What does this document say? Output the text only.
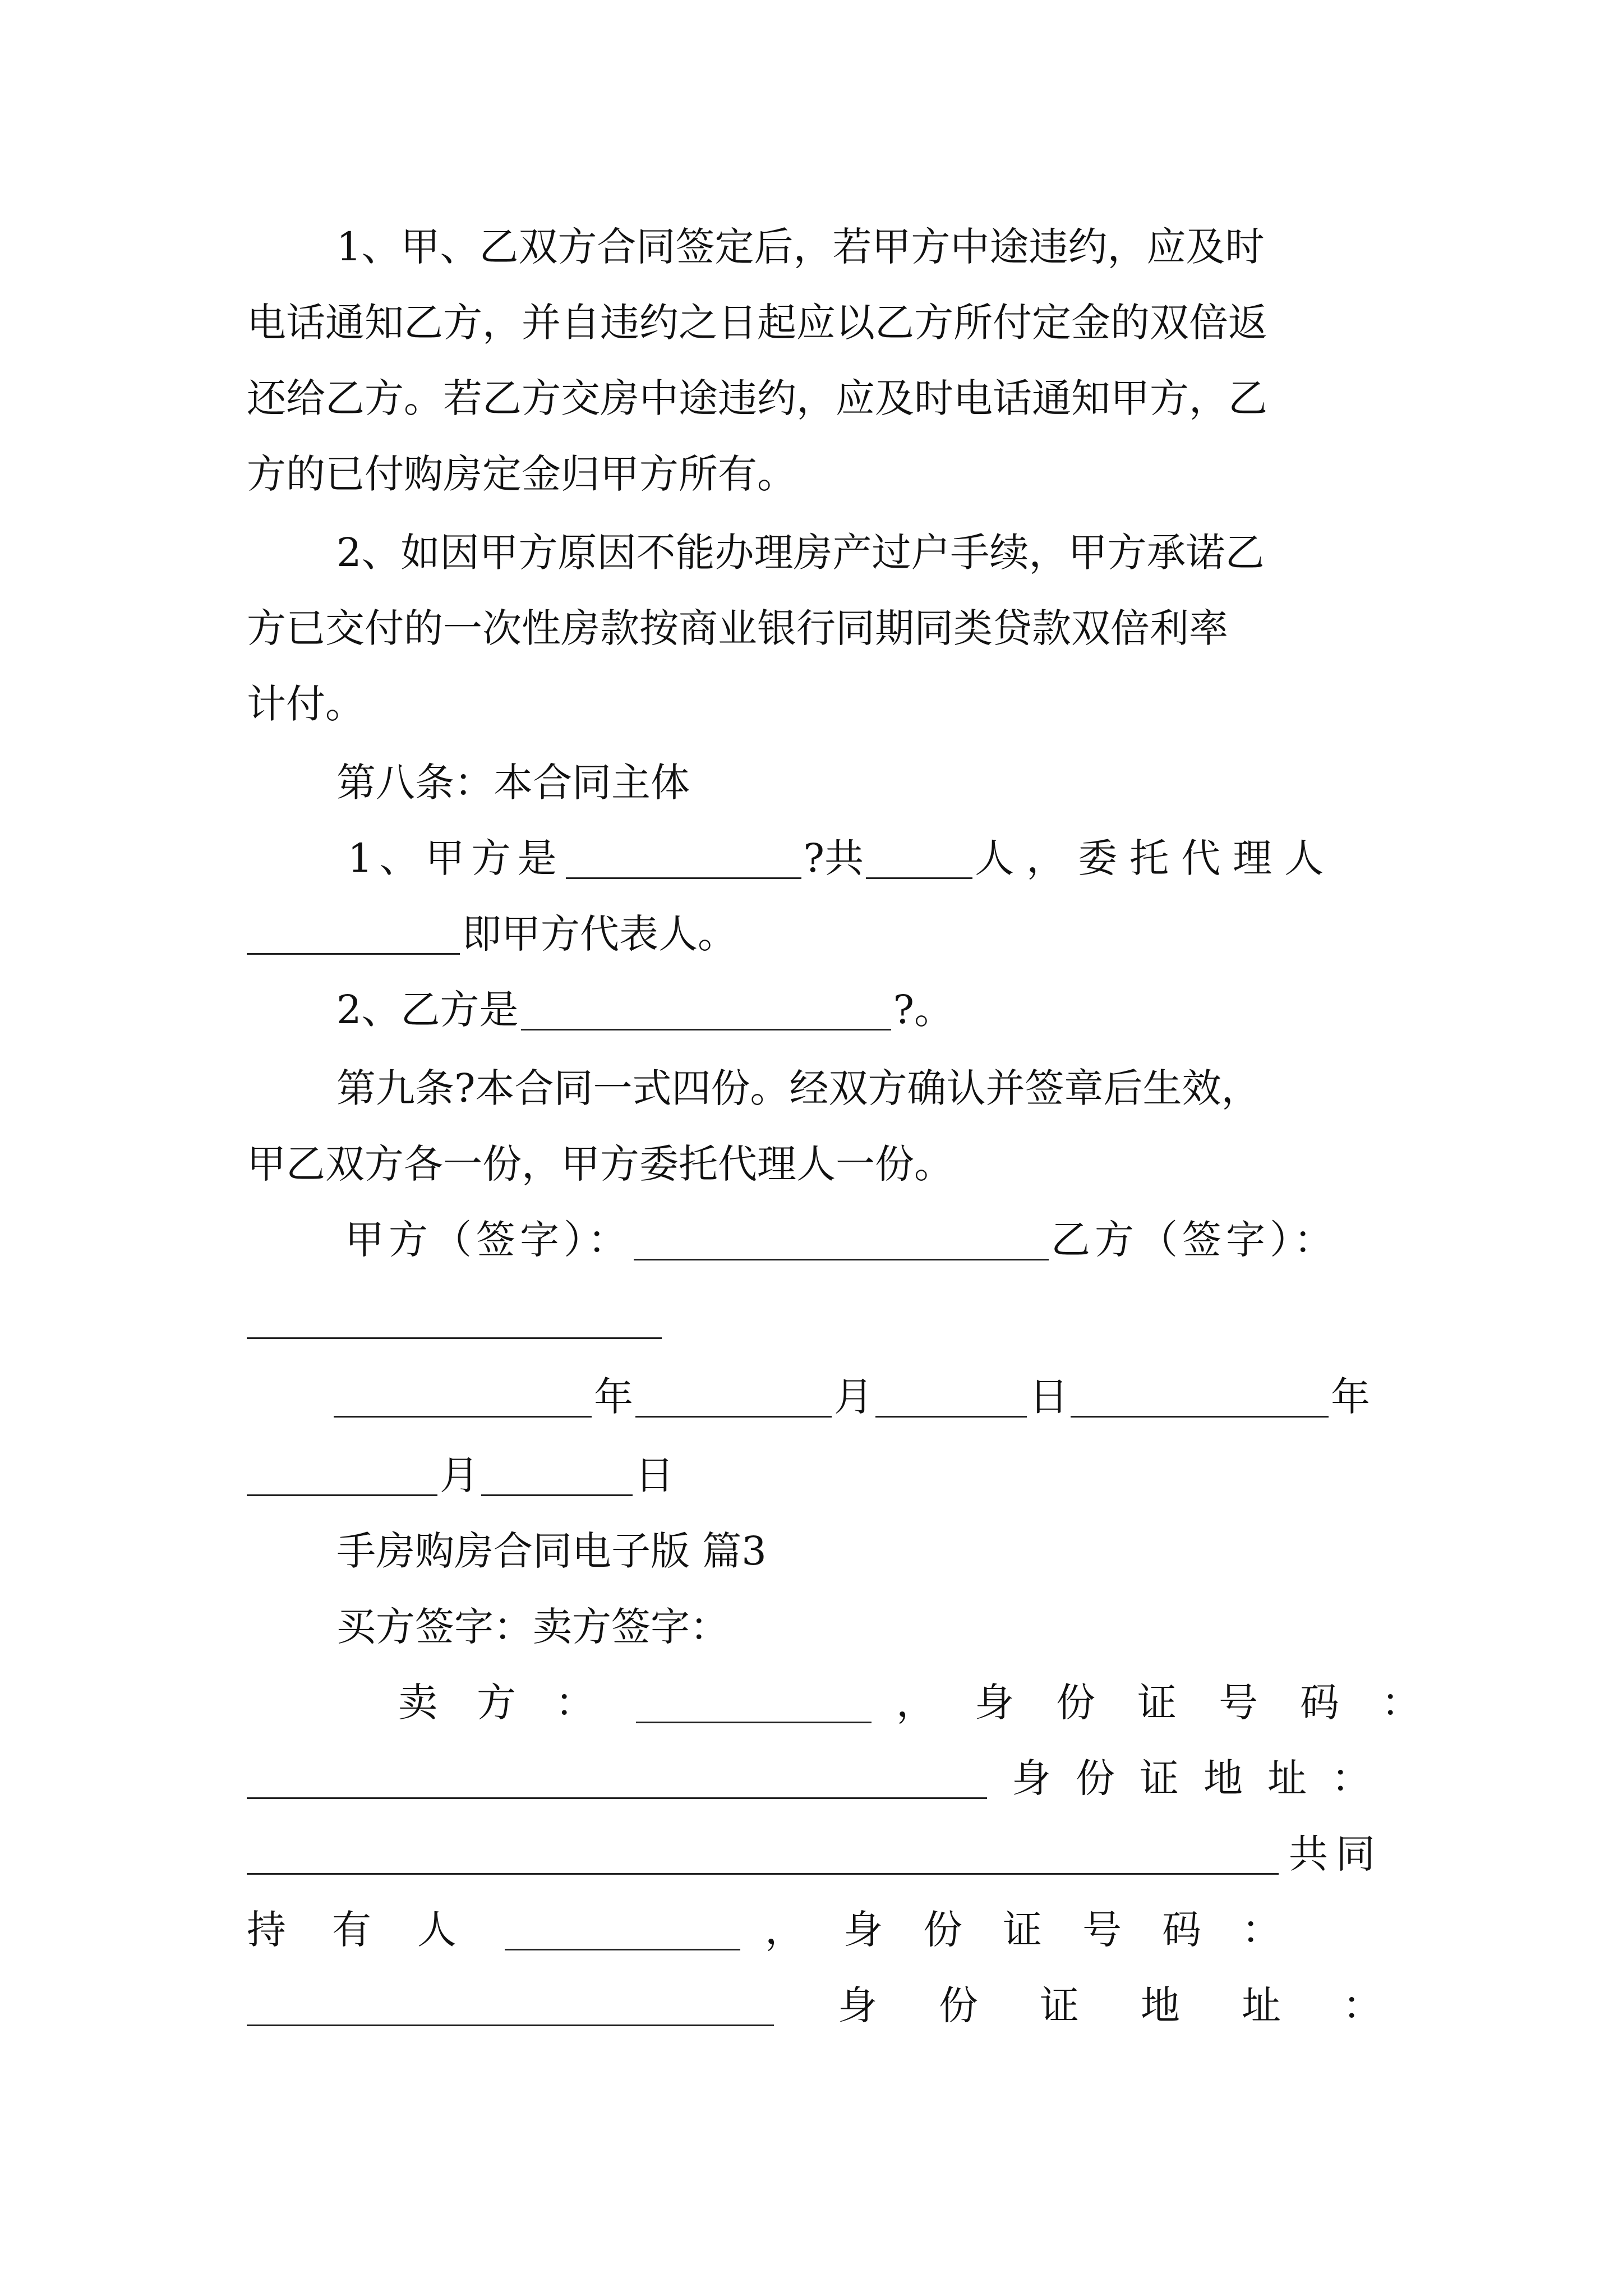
1、甲、乙双方合同签定后，若甲方中途违约，应及时
电话通知乙方，并自违约之日起应以乙方所付定金的双倍返
还给乙方。若乙方交房中途违约，应及时电话通知甲方，乙
方的已付购房定金归甲方所有。
2、如因甲方原因不能办理房产过户手续，甲方承诺乙
方已交付的一次性房款按商业银行同期同类贷款双倍利率
计付。
第八条：本合同主体
1、甲方是	?共	人，委托代理人
即甲方代表人。
2、乙方是	?。
第九条?本合同一式四份。经双方确认并签章后生效，
甲乙双方各一份，甲方委托代理人一份。
甲方（签字）：	乙方（签字）：
年	月	日	年
月	日
手房购房合同电子版 篇3
买方签字：卖方签字：
卖方：	， 身份证号码：
身份证地址：
共同
持有人	， 身份证号码：
身份证地址：
